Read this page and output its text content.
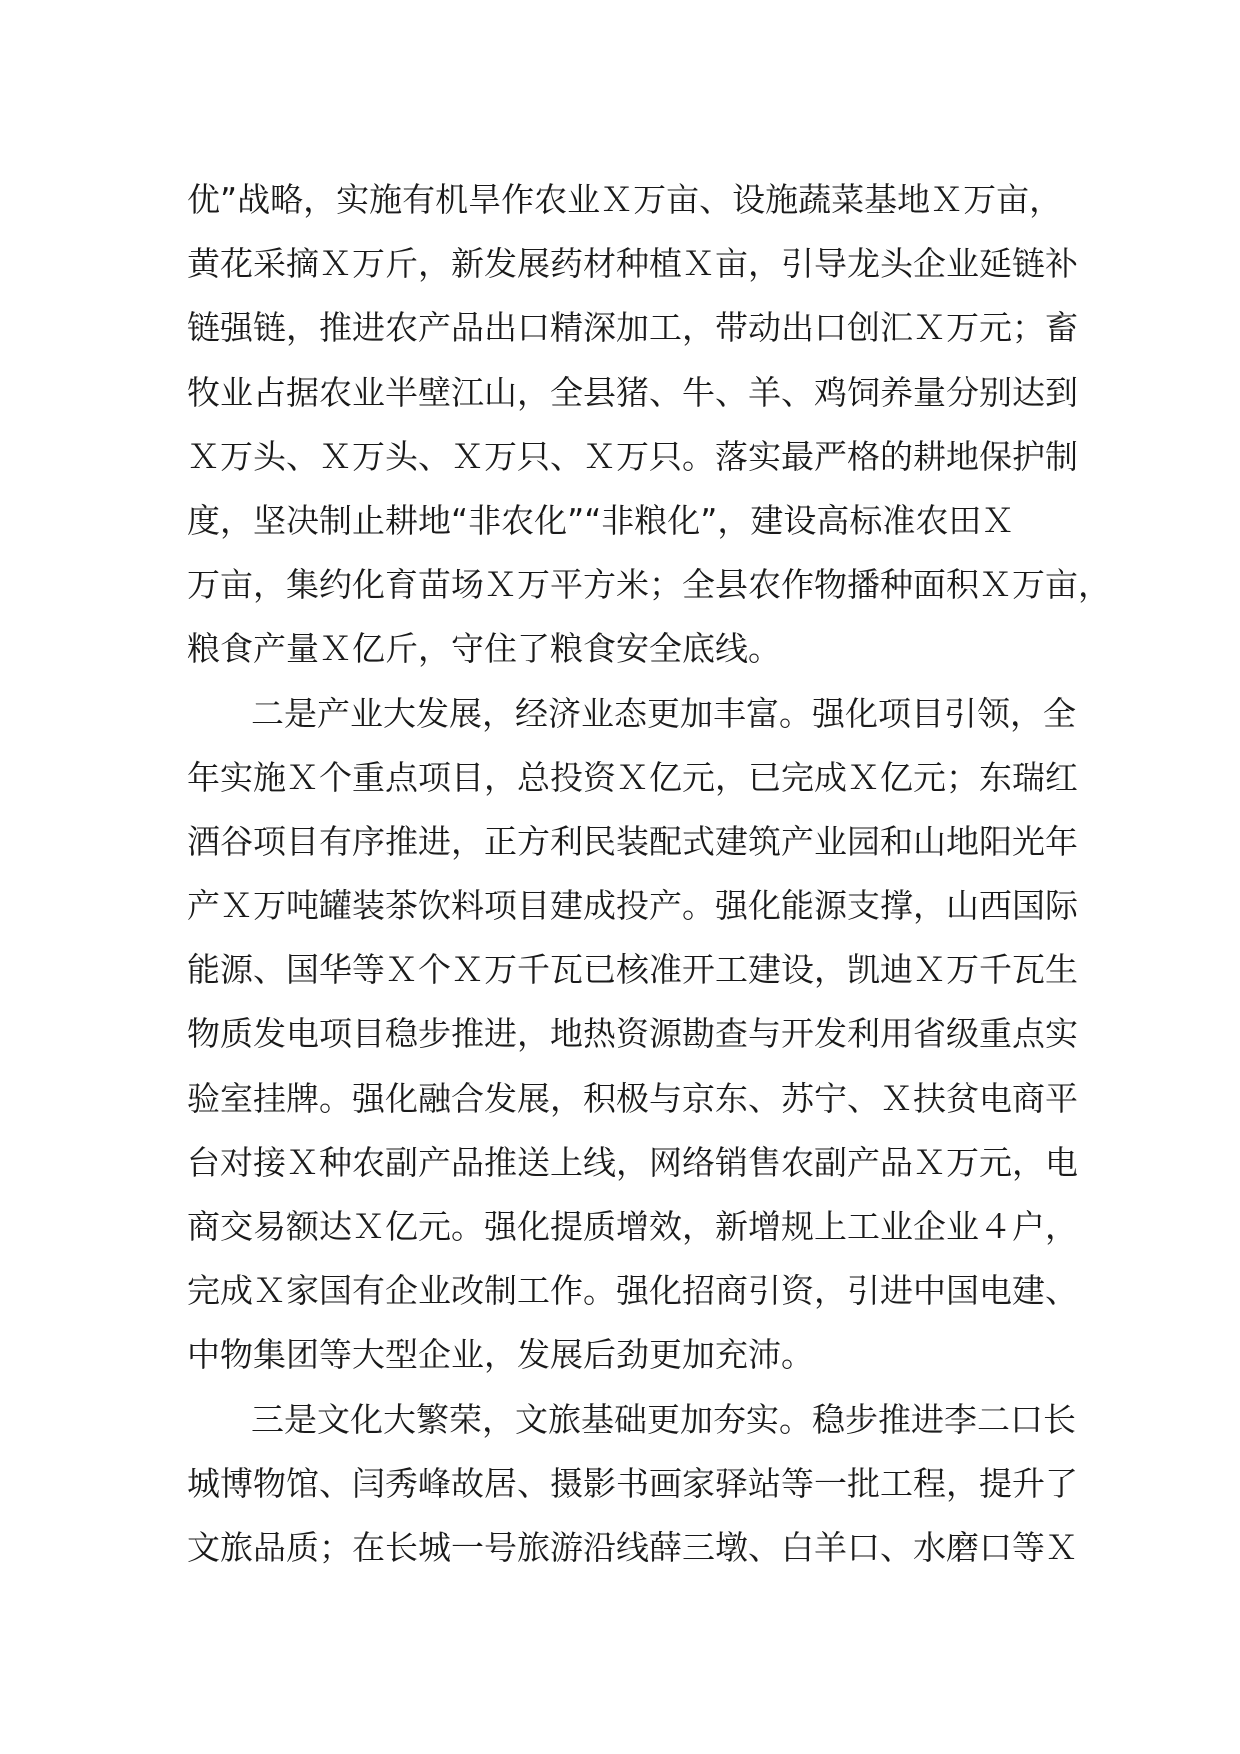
优”战略，实施有机旱作农业Ｘ万亩、设施蔬菜基地Ｘ万亩，
黄花采摘Ｘ万斤，新发展药材种植Ｘ亩，引导龙头企业延链补
链强链，推进农产品出口精深加工，带动出口创汇Ｘ万元；畜
牧业占据农业半壁江山，全县猪、牛、羊、鸡饲养量分别达到
Ｘ万头、Ｘ万头、Ｘ万只、Ｘ万只。落实最严格的耕地保护制
度，坚决制止耕地“非农化”“非粮化”，建设高标准农田Ｘ
万亩，集约化育苗场Ｘ万平方米；全县农作物播种面积Ｘ万亩，
粮食产量Ｘ亿斤，守住了粮食安全底线。
二是产业大发展，经济业态更加丰富。强化项目引领，全
年实施Ｘ个重点项目，总投资Ｘ亿元，已完成Ｘ亿元；东瑞红
酒谷项目有序推进，正方利民装配式建筑产业园和山地阳光年
产Ｘ万吨罐装茶饮料项目建成投产。强化能源支撑，山西国际
能源、国华等Ｘ个Ｘ万千瓦已核准开工建设，凯迪Ｘ万千瓦生
物质发电项目稳步推进，地热资源勘查与开发利用省级重点实
验室挂牌。强化融合发展，积极与京东、苏宁、Ｘ扶贫电商平
台对接Ｘ种农副产品推送上线，网络销售农副产品Ｘ万元，电
商交易额达Ｘ亿元。强化提质增效，新增规上工业企业４户，
完成Ｘ家国有企业改制工作。强化招商引资，引进中国电建、
中物集团等大型企业，发展后劲更加充沛。
三是文化大繁荣，文旅基础更加夯实。稳步推进李二口长
城博物馆、闫秀峰故居、摄影书画家驿站等一批工程，提升了
文旅品质；在长城一号旅游沿线薛三墩、白羊口、水磨口等Ｘ
